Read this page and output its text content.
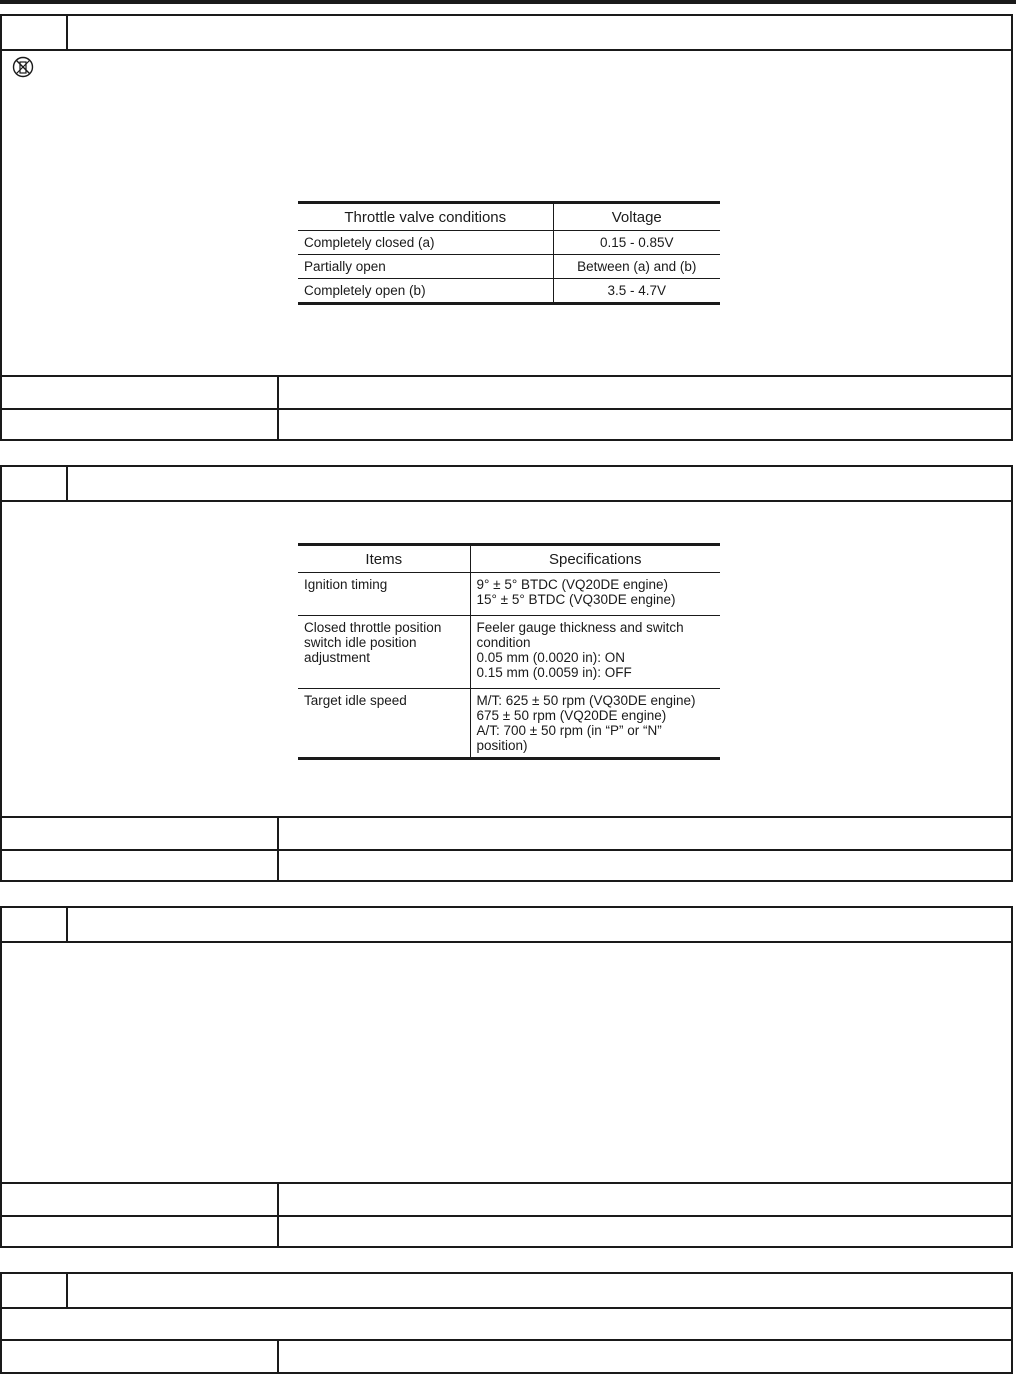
Throttle valve conditions	Voltage
Completely closed (a)	0.15 - 0.85V
Partially open	Between (a) and (b)
Completely open (b)	3.5 - 4.7V
Items	Specifications
Ignition timing	9° ± 5° BTDC (VQ20DE engine)
15° ± 5° BTDC (VQ30DE engine)
Closed throttle position
switch idle position
adjustment	Feeler gauge thickness and switch
condition
0.05 mm (0.0020 in): ON
0.15 mm (0.0059 in): OFF
Target idle speed	M/T: 625 ± 50 rpm (VQ30DE engine)
675 ± 50 rpm (VQ20DE engine)
A/T: 700 ± 50 rpm (in “P” or “N” position)
